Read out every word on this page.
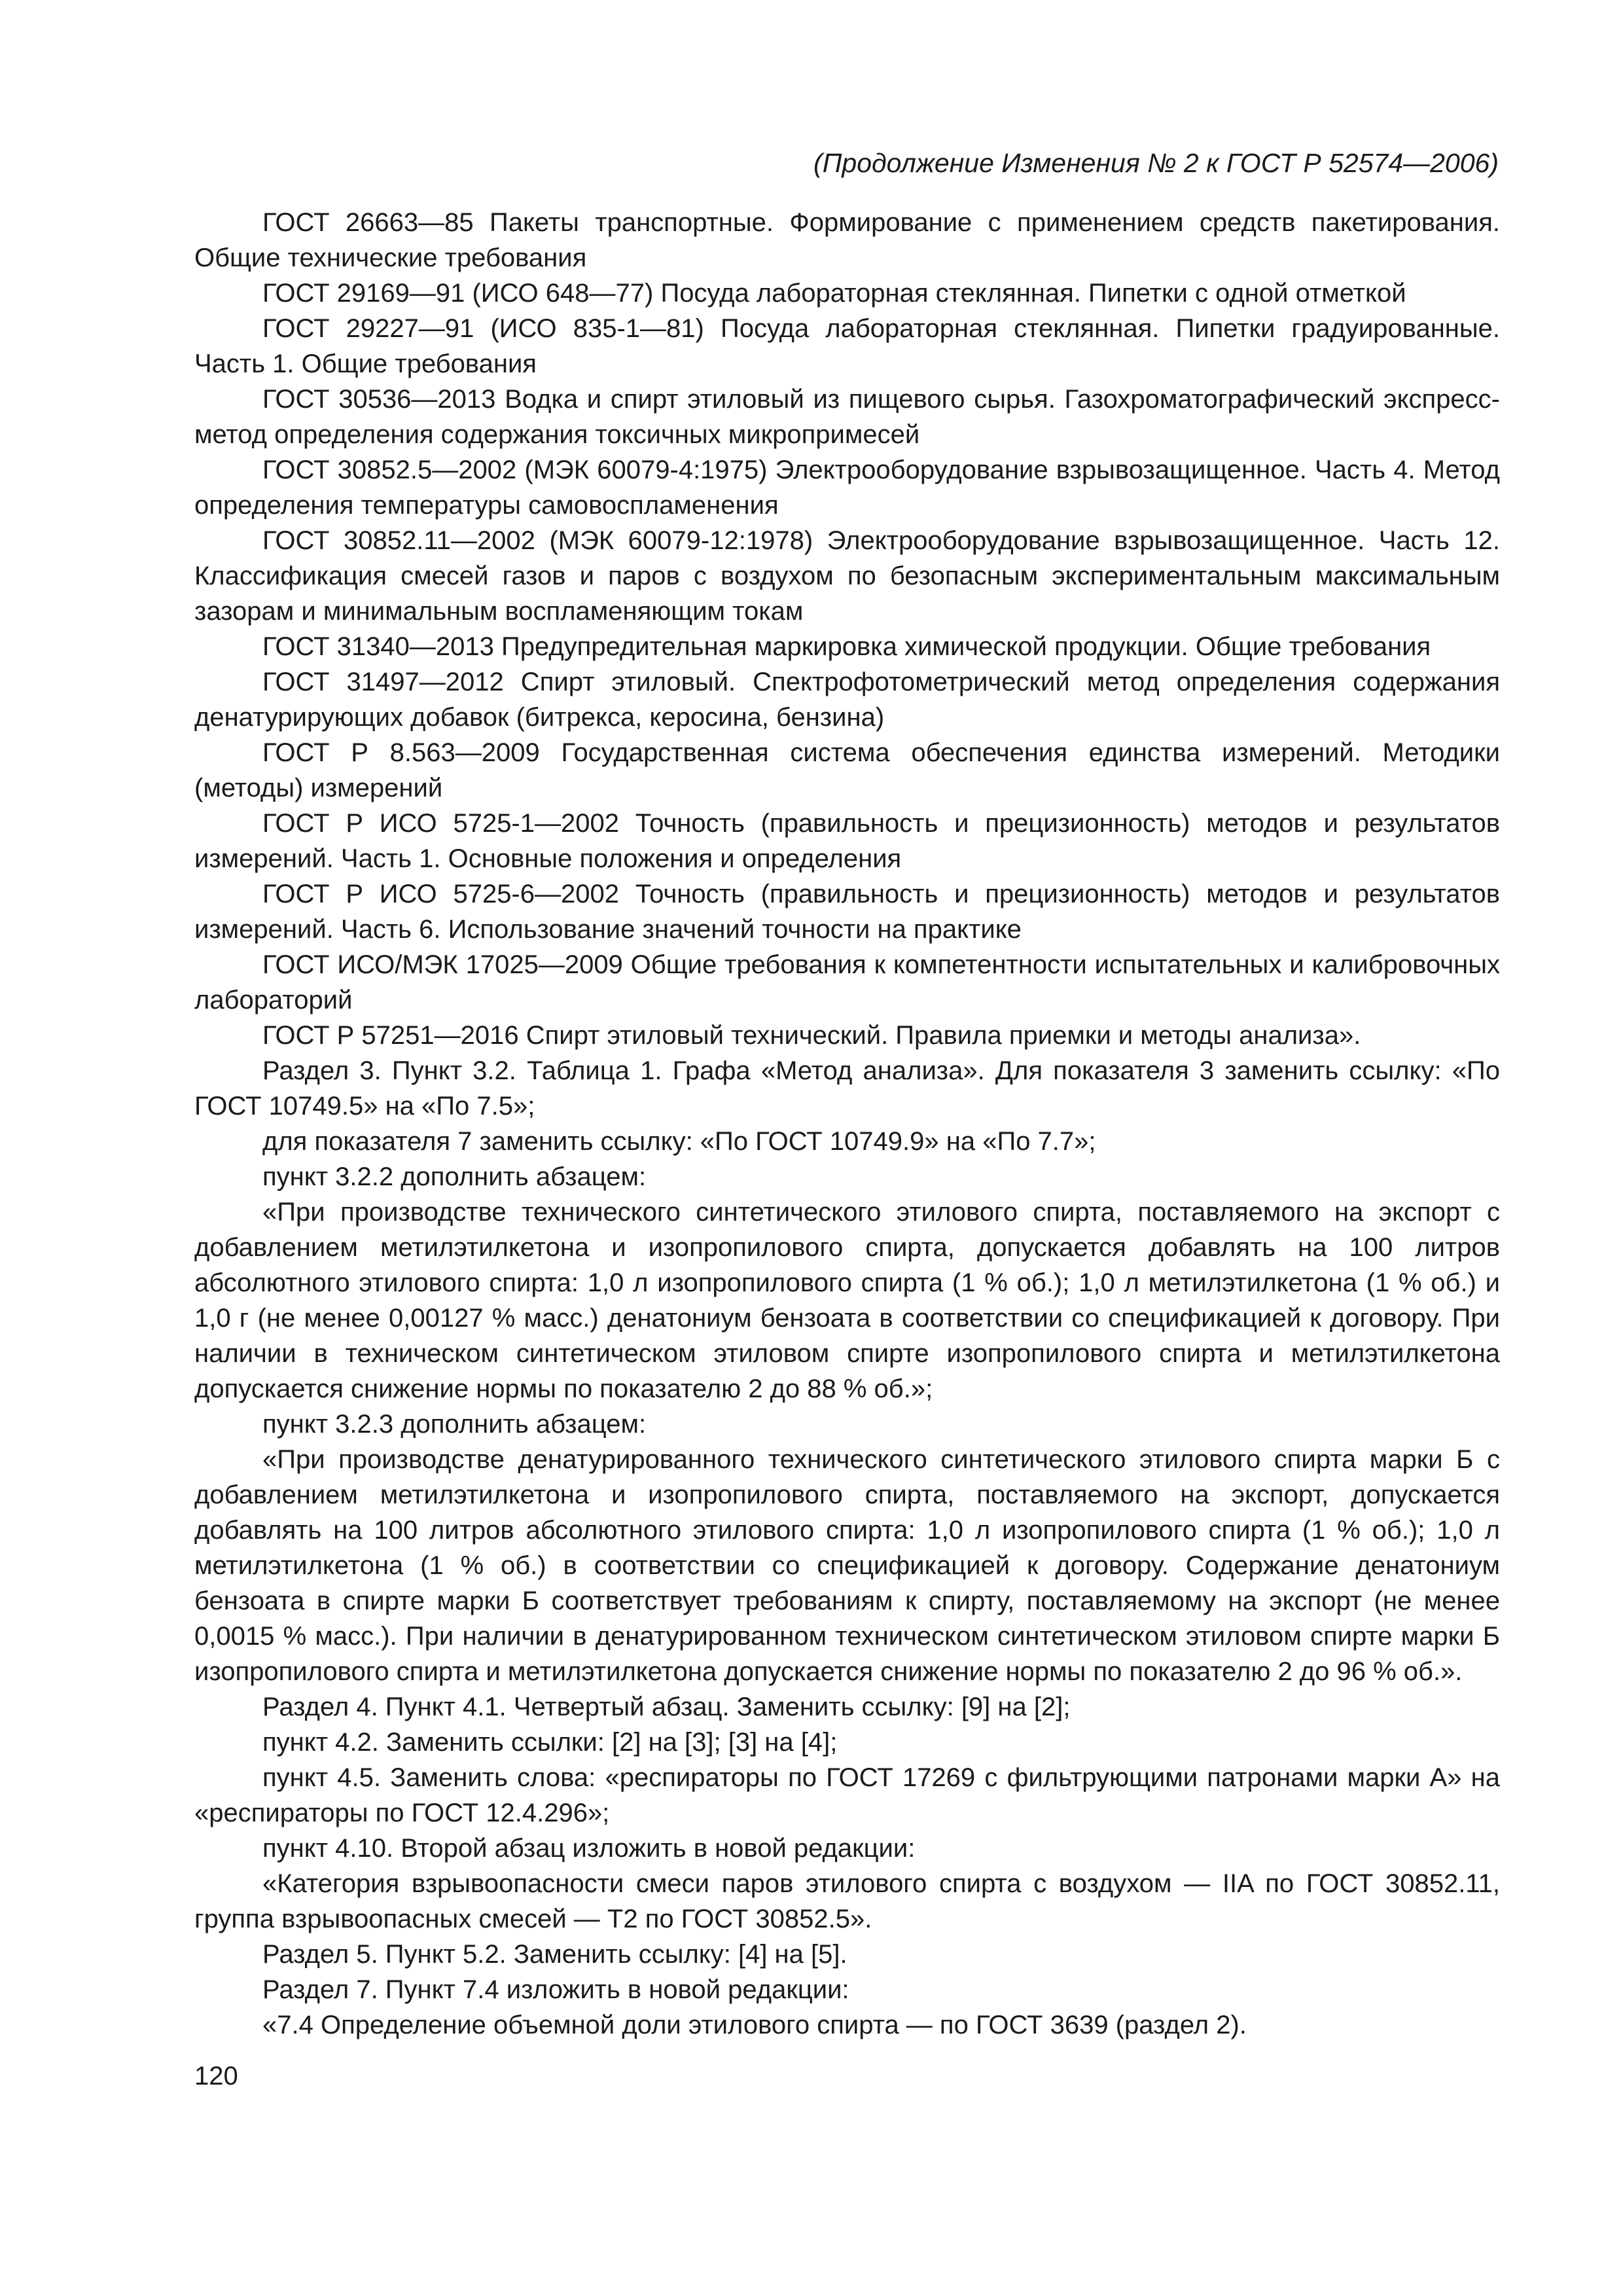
(Продолжение Изменения № 2 к ГОСТ Р 52574—2006)

ГОСТ 26663—85 Пакеты транспортные. Формирование с применением средств пакетирования. Общие технические требования

ГОСТ 29169—91 (ИСО 648—77) Посуда лабораторная стеклянная. Пипетки с одной отметкой

ГОСТ 29227—91 (ИСО 835-1—81) Посуда лабораторная стеклянная. Пипетки градуированные. Часть 1. Общие требования

ГОСТ 30536—2013 Водка и спирт этиловый из пищевого сырья. Газохроматографический экспресс-метод определения содержания токсичных микропримесей

ГОСТ 30852.5—2002 (МЭК 60079-4:1975) Электрооборудование взрывозащищенное. Часть 4. Метод определения температуры самовоспламенения

ГОСТ 30852.11—2002 (МЭК 60079-12:1978) Электрооборудование взрывозащищенное. Часть 12. Классификация смесей газов и паров с воздухом по безопасным экспериментальным максимальным зазорам и минимальным воспламеняющим токам

ГОСТ 31340—2013 Предупредительная маркировка химической продукции. Общие требования

ГОСТ 31497—2012 Спирт этиловый. Спектрофотометрический метод определения содержания денатурирующих добавок (битрекса, керосина, бензина)

ГОСТ Р 8.563—2009 Государственная система обеспечения единства измерений. Методики (методы) измерений

ГОСТ Р ИСО 5725-1—2002 Точность (правильность и прецизионность) методов и результатов измерений. Часть 1. Основные положения и определения

ГОСТ Р ИСО 5725-6—2002 Точность (правильность и прецизионность) методов и результатов измерений. Часть 6. Использование значений точности на практике

ГОСТ ИСО/МЭК 17025—2009 Общие требования к компетентности испытательных и калибровочных лабораторий

ГОСТ Р 57251—2016 Спирт этиловый технический. Правила приемки и методы анализа».

Раздел 3. Пункт 3.2. Таблица 1. Графа «Метод анализа». Для показателя 3 заменить ссылку: «По ГОСТ 10749.5» на «По 7.5»;

для показателя 7 заменить ссылку: «По ГОСТ 10749.9» на «По 7.7»;

пункт 3.2.2 дополнить абзацем:

«При производстве технического синтетического этилового спирта, поставляемого на экспорт с добавлением метилэтилкетона и изопропилового спирта, допускается добавлять на 100 литров абсолютного этилового спирта: 1,0 л изопропилового спирта (1 % об.); 1,0 л метилэтилкетона (1 % об.) и 1,0 г (не менее 0,00127 % масс.) денатониум бензоата в соответствии со спецификацией к договору. При наличии в техническом синтетическом этиловом спирте изопропилового спирта и метилэтилкетона допускается снижение нормы по показателю 2 до 88 % об.»;

пункт 3.2.3 дополнить абзацем:

«При производстве денатурированного технического синтетического этилового спирта марки Б с добавлением метилэтилкетона и изопропилового спирта, поставляемого на экспорт, допускается добавлять на 100 литров абсолютного этилового спирта: 1,0 л изопропилового спирта (1 % об.); 1,0 л метилэтилкетона (1 % об.) в соответствии со спецификацией к договору. Содержание денатониум бензоата в спирте марки Б соответствует требованиям к спирту, поставляемому на экспорт (не менее 0,0015 % масс.). При наличии в денатурированном техническом синтетическом этиловом спирте марки Б изопропилового спирта и метилэтилкетона допускается снижение нормы по показателю 2 до 96 % об.».

Раздел 4. Пункт 4.1. Четвертый абзац. Заменить ссылку: [9] на [2];

пункт 4.2. Заменить ссылки: [2] на [3]; [3] на [4];

пункт 4.5. Заменить слова: «респираторы по ГОСТ 17269 с фильтрующими патронами марки А» на «респираторы по ГОСТ 12.4.296»;

пункт 4.10. Второй абзац изложить в новой редакции:

«Категория взрывоопасности смеси паров этилового спирта с воздухом — IIA по ГОСТ 30852.11, группа взрывоопасных смесей — Т2 по ГОСТ 30852.5».

Раздел 5. Пункт 5.2. Заменить ссылку: [4] на [5].

Раздел 7. Пункт 7.4 изложить в новой редакции:

«7.4 Определение объемной доли этилового спирта — по ГОСТ 3639 (раздел 2).

120
